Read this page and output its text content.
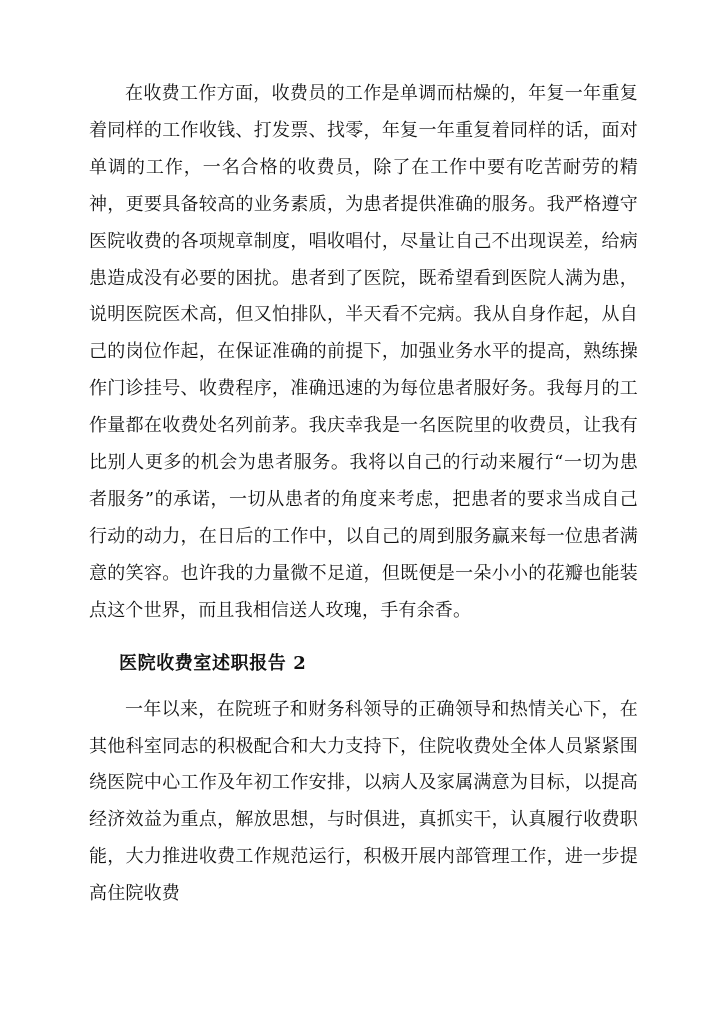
在收费工作方面，收费员的工作是单调而枯燥的，年复一年重复着同样的工作收钱、打发票、找零，年复一年重复着同样的话，面对单调的工作，一名合格的收费员，除了在工作中要有吃苦耐劳的精神，更要具备较高的业务素质，为患者提供准确的服务。我严格遵守医院收费的各项规章制度，唱收唱付，尽量让自己不出现误差，给病患造成没有必要的困扰。患者到了医院，既希望看到医院人满为患，说明医院医术高，但又怕排队，半天看不完病。我从自身作起，从自己的岗位作起，在保证准确的前提下，加强业务水平的提高，熟练操作门诊挂号、收费程序，准确迅速的为每位患者服好务。我每月的工作量都在收费处名列前茅。我庆幸我是一名医院里的收费员，让我有比别人更多的机会为患者服务。我将以自己的行动来履行“一切为患者服务”的承诺，一切从患者的角度来考虑，把患者的要求当成自己行动的动力，在日后的工作中，以自己的周到服务赢来每一位患者满意的笑容。也许我的力量微不足道，但既便是一朵小小的花瓣也能装点这个世界，而且我相信送人玫瑰，手有余香。

医院收费室述职报告 2

一年以来，在院班子和财务科领导的正确领导和热情关心下，在其他科室同志的积极配合和大力支持下，住院收费处全体人员紧紧围绕医院中心工作及年初工作安排，以病人及家属满意为目标，以提高经济效益为重点，解放思想，与时俱进，真抓实干，认真履行收费职能，大力推进收费工作规范运行，积极开展内部管理工作，进一步提高住院收费
